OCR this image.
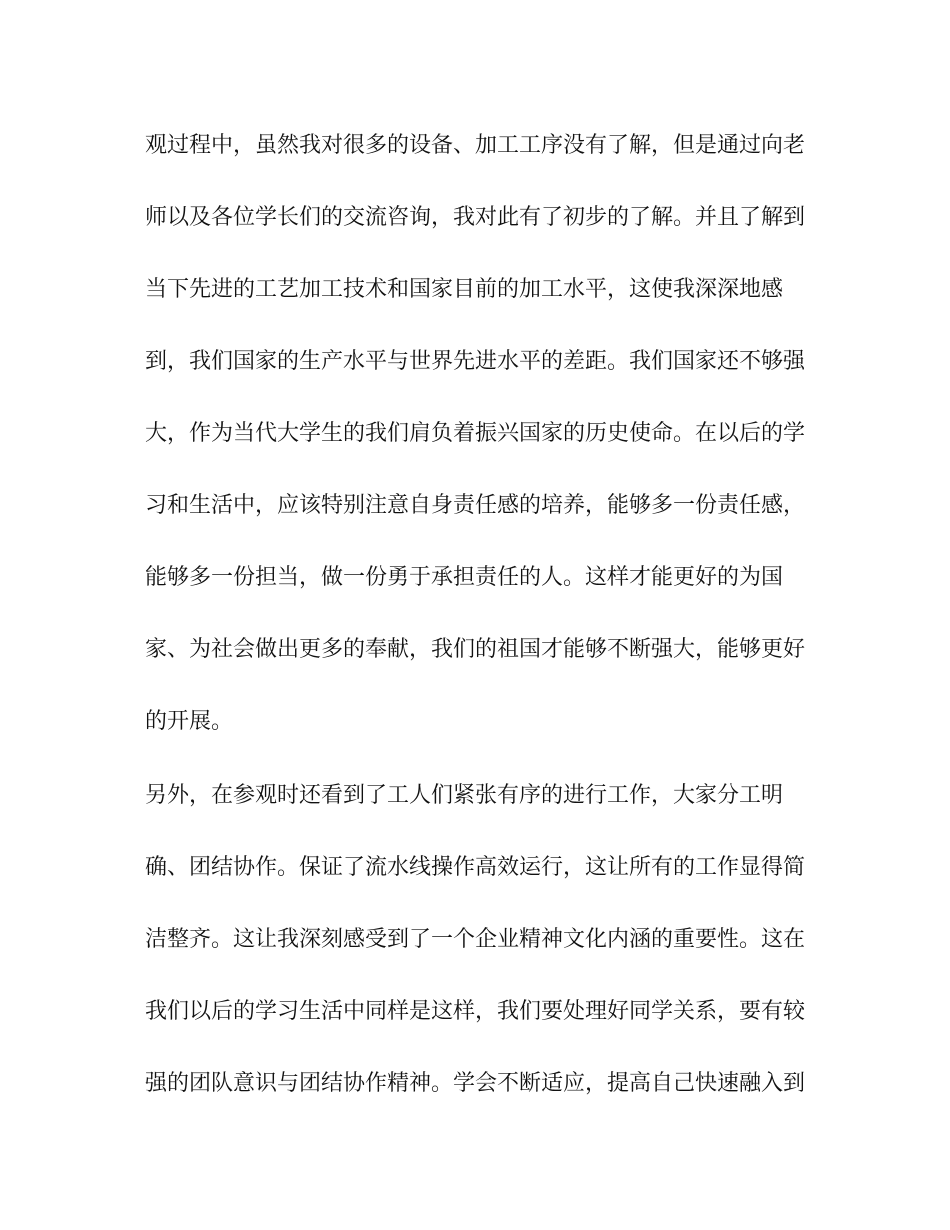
观过程中，虽然我对很多的设备、加工工序没有了解，但是通过向老
师以及各位学长们的交流咨询，我对此有了初步的了解。并且了解到
当下先进的工艺加工技术和国家目前的加工水平，这使我深深地感
到，我们国家的生产水平与世界先进水平的差距。我们国家还不够强
大，作为当代大学生的我们肩负着振兴国家的历史使命。在以后的学
习和生活中，应该特别注意自身责任感的培养，能够多一份责任感，
能够多一份担当，做一份勇于承担责任的人。这样才能更好的为国
家、为社会做出更多的奉献，我们的祖国才能够不断强大，能够更好
的开展。
另外，在参观时还看到了工人们紧张有序的进行工作，大家分工明
确、团结协作。保证了流水线操作高效运行，这让所有的工作显得简
洁整齐。这让我深刻感受到了一个企业精神文化内涵的重要性。这在
我们以后的学习生活中同样是这样，我们要处理好同学关系，要有较
强的团队意识与团结协作精神。学会不断适应，提高自己快速融入到
